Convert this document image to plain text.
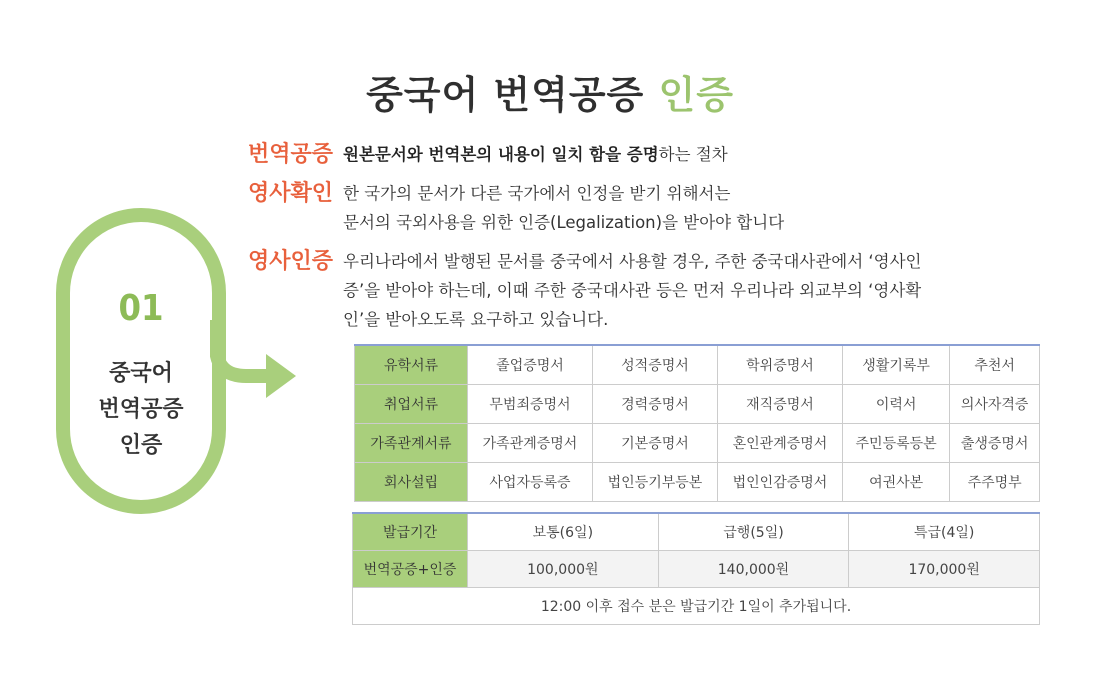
중국어 번역공증 인증
번역공증 원본문서와 번역본의 내용이 일치 함을 증명하는 절차
영사확인 한 국가의 문서가 다른 국가에서 인정을 받기 위해서는
문서의 국외사용을 위한 인증(Legalization)을 받아야 합니다
영사인증 우리나라에서 발행된 문서를 중국에서 사용할 경우, 주한 중국대사관에서 ‘영사인
증’을 받아야 하는데, 이때 주한 중국대사관 등은 먼저 우리나라 외교부의 ‘영사확
인’을 받아오도록 요구하고 있습니다.
01
중국어
번역공증
인증
유학서류	졸업증명서	성적증명서	학위증명서	생활기록부	추천서
취업서류	무범죄증명서	경력증명서	재직증명서	이력서	의사자격증
가족관계서류	가족관계증명서	기본증명서	혼인관계증명서	주민등록등본	출생증명서
회사설립	사업자등록증	법인등기부등본	법인인감증명서	여권사본	주주명부
발급기간	보통(6일)	급행(5일)	특급(4일)
번역공증+인증	100,000원	140,000원	170,000원
12:00 이후 접수 분은 발급기간 1일이 추가됩니다.			
